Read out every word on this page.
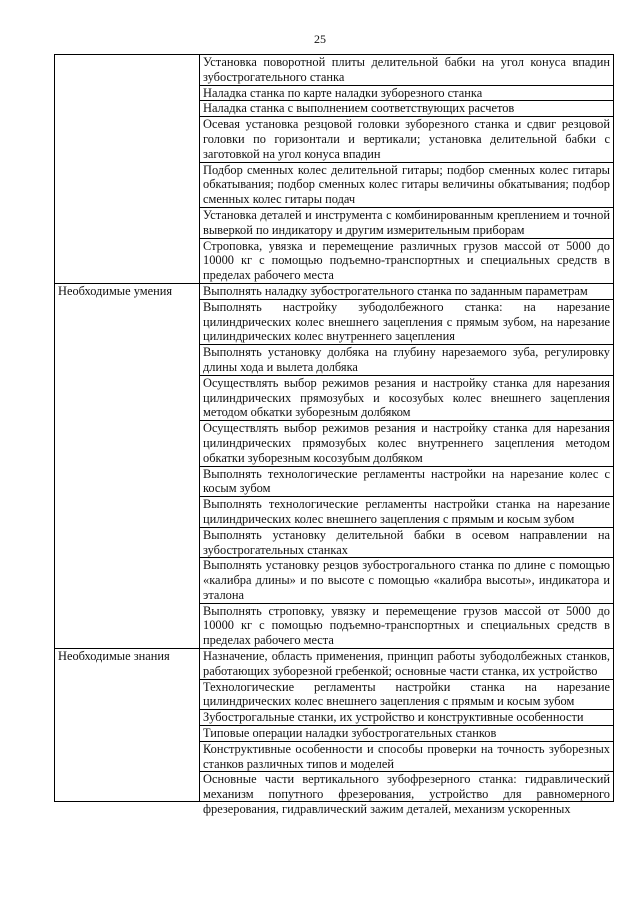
25
	Установка поворотной плиты делительной бабки на угол конуса впадин зубострогательного станка
	Наладка станка по карте наладки зуборезного станка
	Наладка станка с выполнением соответствующих расчетов
	Осевая установка резцовой головки зуборезного станка и сдвиг резцовой головки по горизонтали и вертикали; установка делительной бабки с заготовкой на угол конуса впадин
	Подбор сменных колес делительной гитары; подбор сменных колес гитары обкатывания; подбор сменных колес гитары величины обкатывания; подбор сменных колес гитары подач
	Установка деталей и инструмента с комбинированным креплением и точной выверкой по индикатору и другим измерительным приборам
	Строповка, увязка и перемещение различных грузов массой от 5000 до 10000 кг с помощью подъемно-транспортных и специальных средств в пределах рабочего места
Необходимые умения	Выполнять наладку зубострогательного станка по заданным параметрам
	Выполнять настройку зубодолбежного станка: на нарезание цилиндрических колес внешнего зацепления с прямым зубом, на нарезание цилиндрических колес внутреннего зацепления
	Выполнять установку долбяка на глубину нарезаемого зуба, регулировку длины хода и вылета долбяка
	Осуществлять выбор режимов резания и настройку станка для нарезания цилиндрических прямозубых и косозубых колес внешнего зацепления методом обкатки зуборезным долбяком
	Осуществлять выбор режимов резания и настройку станка для нарезания цилиндрических прямозубых колес внутреннего зацепления методом обкатки зуборезным косозубым долбяком
	Выполнять технологические регламенты настройки на нарезание колес с косым зубом
	Выполнять технологические регламенты настройки станка на нарезание цилиндрических колес внешнего зацепления с прямым и косым зубом
	Выполнять установку делительной бабки в осевом направлении на зубострогательных станках
	Выполнять установку резцов зубострогального станка по длине с помощью «калибра длины» и по высоте с помощью «калибра высоты», индикатора и эталона
	Выполнять строповку, увязку и перемещение грузов массой от 5000 до 10000 кг с помощью подъемно-транспортных и специальных средств в пределах рабочего места
Необходимые знания	Назначение, область применения, принцип работы зубодолбежных станков, работающих зуборезной гребенкой; основные части станка, их устройство
	Технологические регламенты настройки станка на нарезание цилиндрических колес внешнего зацепления с прямым и косым зубом
	Зубострогальные станки, их устройство и конструктивные особенности
	Типовые операции наладки зубострогательных станков
	Конструктивные особенности и способы проверки на точность зуборезных станков различных типов и моделей

	Основные части вертикального зубофрезерного станка: гидравлический механизм попутного фрезерования, устройство для равномерного фрезерования, гидравлический зажим деталей, механизм ускоренных
